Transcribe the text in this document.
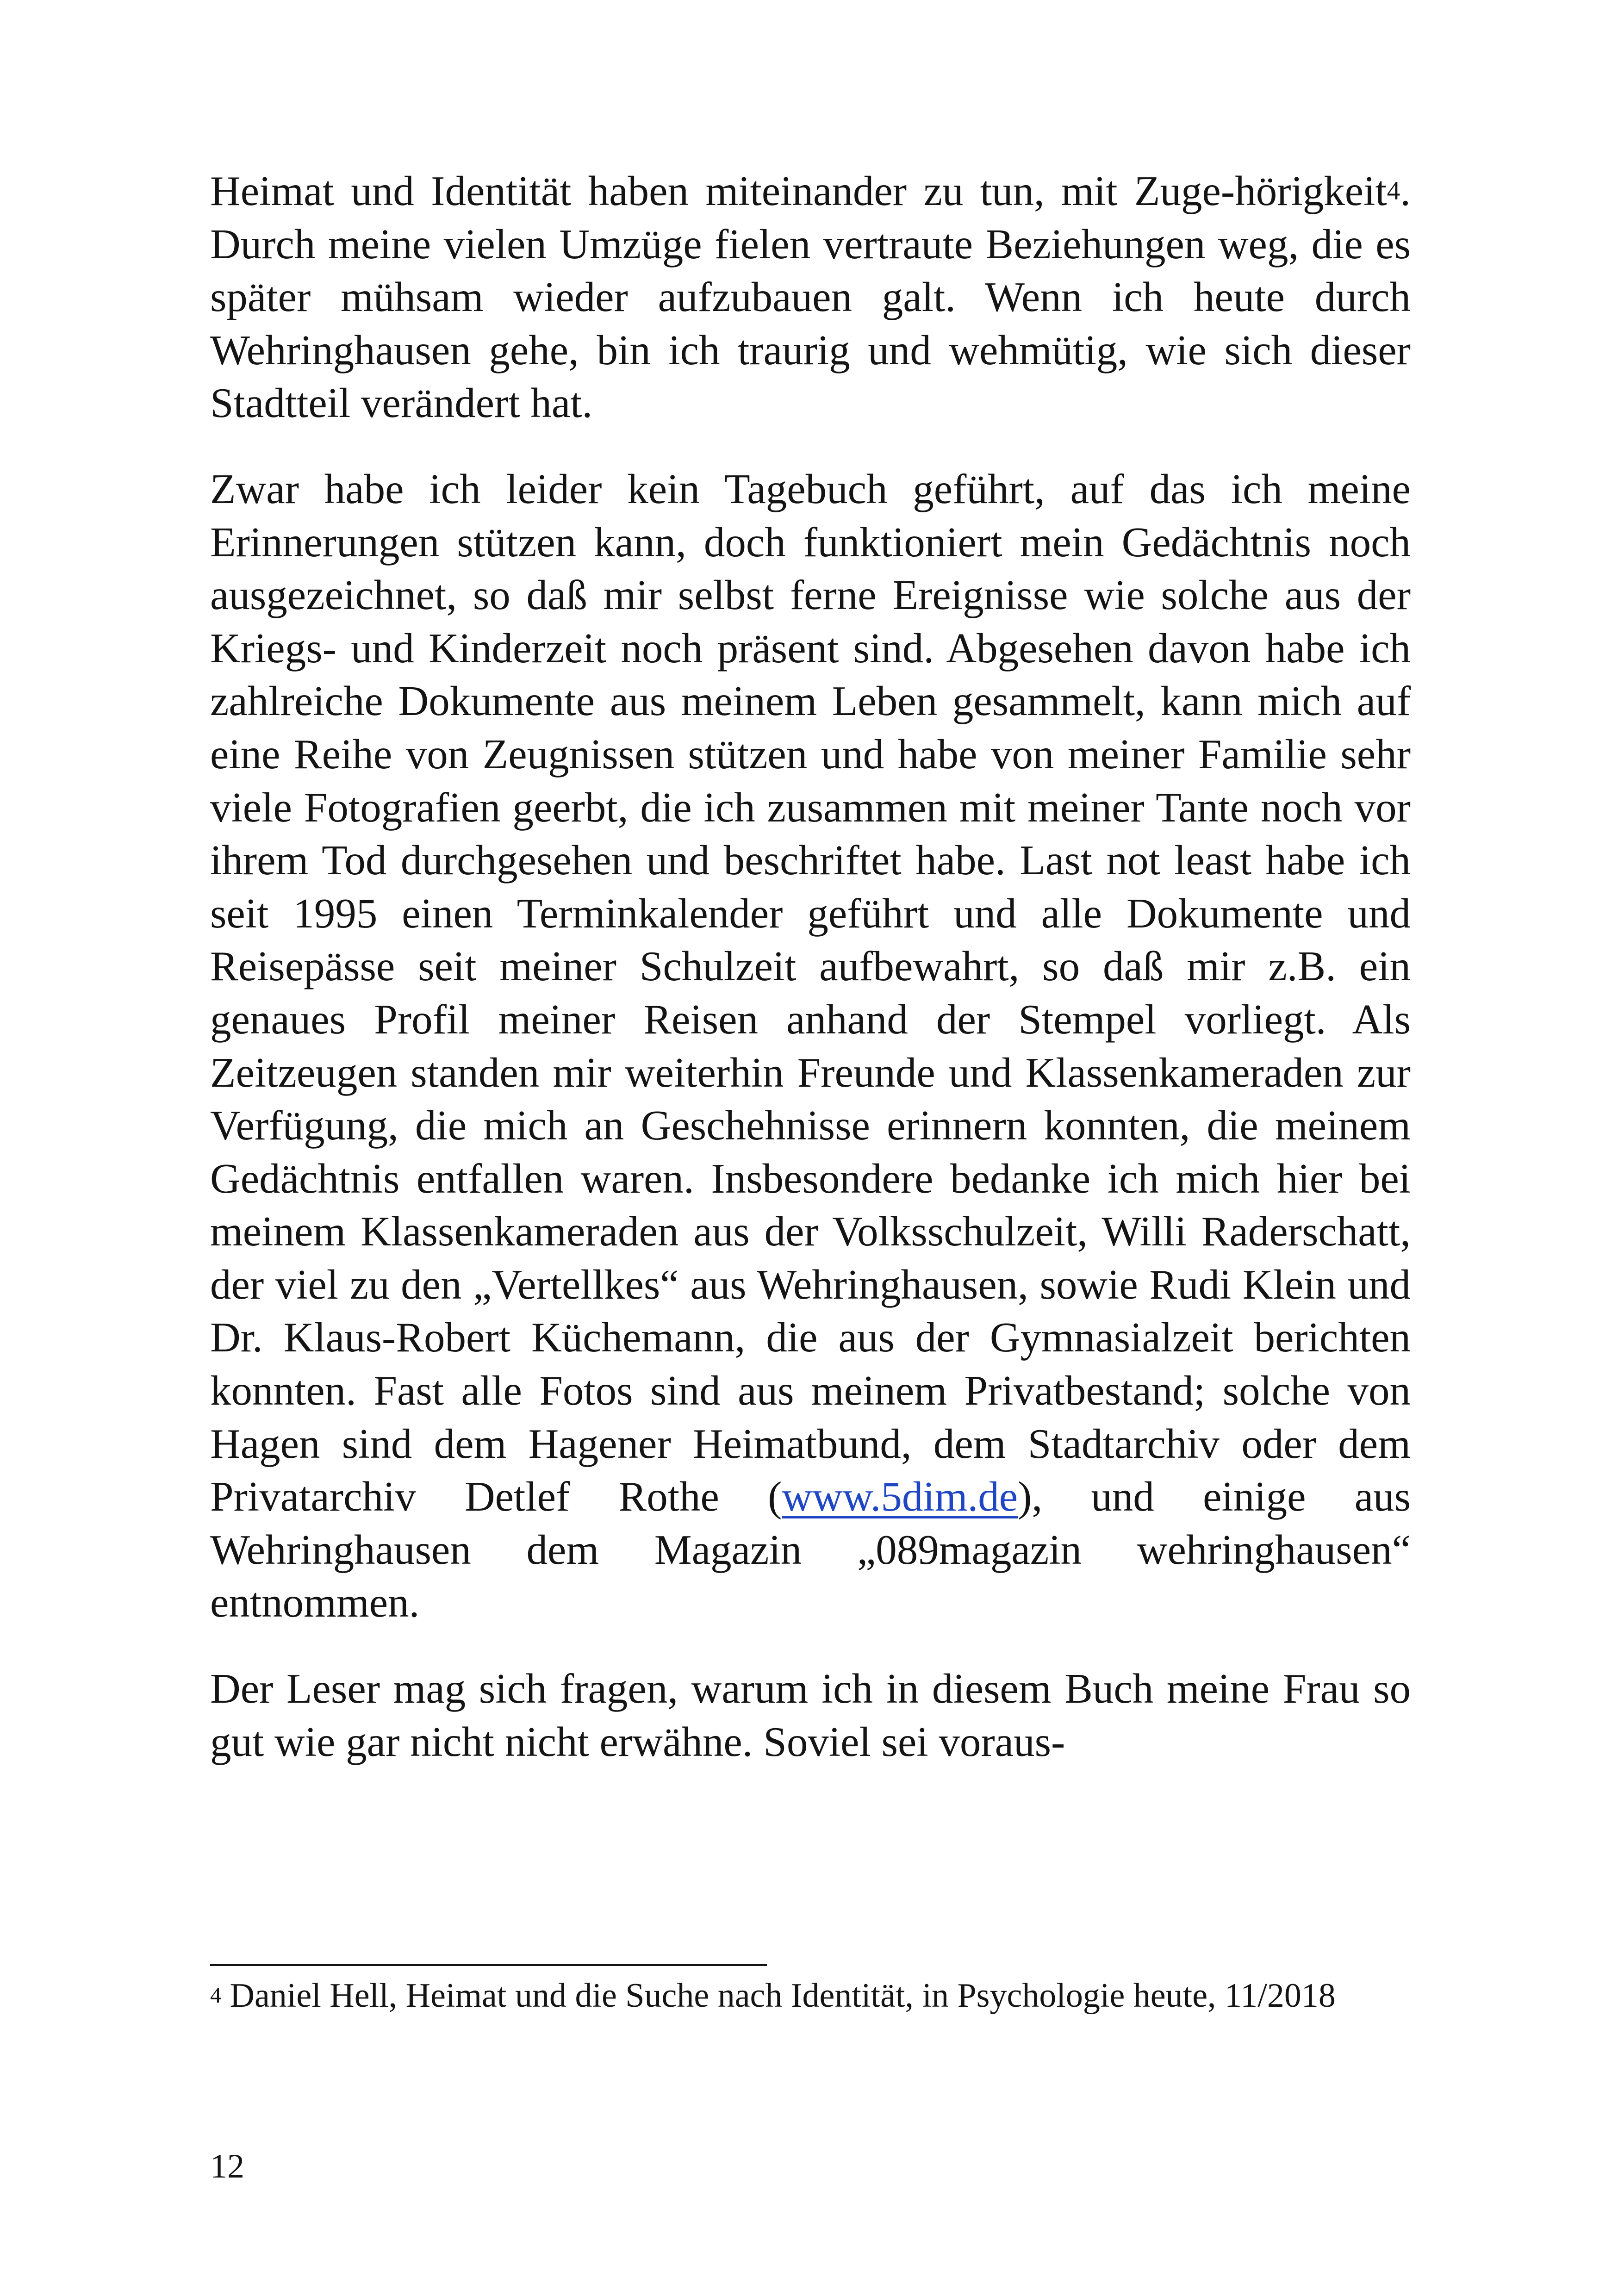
Heimat und Identität haben miteinander zu tun, mit Zuge-hörigkeit$^4$. Durch meine vielen Umzüge fielen vertraute Beziehungen weg, die es später mühsam wieder aufzubauen galt. Wenn ich heute durch Wehringhausen gehe, bin ich traurig und wehmütig, wie sich dieser Stadtteil verändert hat.

Zwar habe ich leider kein Tagebuch geführt, auf das ich meine Erinnerungen stützen kann, doch funktioniert mein Gedächtnis noch ausgezeichnet, so daß mir selbst ferne Ereignisse wie solche aus der Kriegs- und Kinderzeit noch präsent sind. Abgesehen davon habe ich zahlreiche Dokumente aus meinem Leben gesammelt, kann mich auf eine Reihe von Zeugnissen stützen und habe von meiner Familie sehr viele Fotografien geerbt, die ich zusammen mit meiner Tante noch vor ihrem Tod durchgesehen und beschriftet habe. Last not least habe ich seit 1995 einen Terminkalender geführt und alle Dokumente und Reisepässe seit meiner Schulzeit aufbewahrt, so daß mir z.B. ein genaues Profil meiner Reisen anhand der Stempel vorliegt. Als Zeitzeugen standen mir weiterhin Freunde und Klassenkameraden zur Verfügung, die mich an Geschehnisse erinnern konnten, die meinem Gedächtnis entfallen waren. Insbesondere bedanke ich mich hier bei meinem Klassenkameraden aus der Volksschulzeit, Willi Raderschatt, der viel zu den „Vertellkes“ aus Wehringhausen, sowie Rudi Klein und Dr. Klaus-Robert Küchemann, die aus der Gymnasialzeit berichten konnten. Fast alle Fotos sind aus meinem Privatbestand; solche von Hagen sind dem Hagener Heimatbund, dem Stadtarchiv oder dem Privatarchiv Detlef Rothe (www.5dim.de), und einige aus Wehringhausen dem Magazin „089magazin wehringhausen“ entnommen.

Der Leser mag sich fragen, warum ich in diesem Buch meine Frau so gut wie gar nicht nicht erwähne. Soviel sei voraus-

$^4$ Daniel Hell, Heimat und die Suche nach Identität, in Psychologie heute, 11/2018
12
